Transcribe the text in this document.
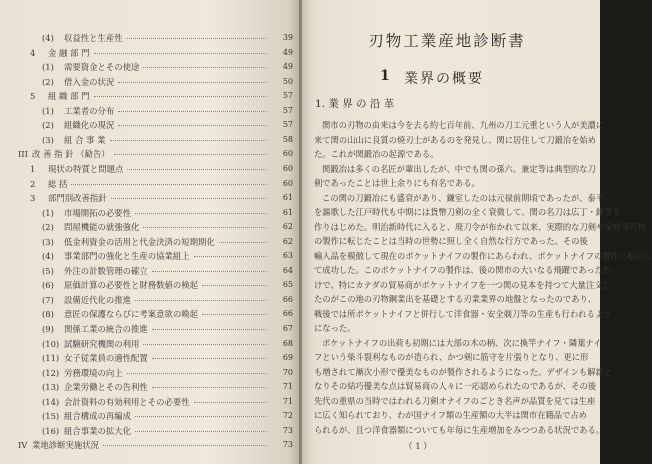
(4) 収益性と生産性	39
4 金 融 部 門	49
(1) 需要資金とその使途	49
(2) 借入金の状況	50
5 組 織 部 門	57
(1) 工業者の分布	57
(2) 組織化の現況	57
(3) 組 合 事 業	58
III 改 善 指 針 （勧告）	60
1 現状の特質と問題点	60
2 総 括	60
3 部門別改善指針	61
(1) 市場開拓の必要性	61
(2) 問屋機能の就強強化	62
(3) 低金利資金の活用と代金決済の短期期化	62
(4) 事業部門の強化と生産の協業組上	63
(5) 外注の計数管理の確立	64
(6) 原価計算の必要性と財務数値の検起	65
(7) 設備近代化の推進	66
(8) 意匠の保護ならびに考案意欲の喚起	66
(9) 関係工業の統合の推進	67
(10) 試験研究機関の利用	68
(11) 女子従業員の適性配置	69
(12) 労務環境の向上	70
(13) 企業労働とその告利性	71
(14) 会計資料の有効利用とその必要性	71
(15) 組合構成の再編成	72
(16) 組合事業の拡大化	73
IV 業地診断実施状況	73
刃物工業産地診断書
1 業界の概要
1. 業 界 の 沿 革
関市の刃物の由来は今を去る約七百年前、九州の刀工元重という人が美濃に
来て関の山山に良質の焼刃土があるのを発見し、関に居住して刀鍛冶を始め
た。これが関鍛冶の起源である。
関鍛冶は多くの名匠が輩出したが、中でも関の孫六、兼定等は典型的な刀
剣であったことは世上余りにも有名である。
この関の刀鍛冶にも盛衰があり、鎌室したのは元禄前期頃であったが、泰平
を謳歌した江戸時代も中期には貨幣刀剣の全く衰微して、関の名刀は広丁・鎌等を
作りはじめた。明治新時代に入ると、廃刀令が布かれて以来、実際的な刀剣や家庭用刃物
の製作に転じたことは当時の世勢に照し全く自然な行方であった。その後
輸入品を模倣して現在のポケットナイフの製作にあらわれ、ポケットナイフの製作に転向し
て成功した。このポケットナイフの製作は、後の関市の大いなる飛躍であったわ
けで、特にカナダの貿易商がポケットナイフを一つ関の見本を持つて大量注文し
たのがこの地の刃物鋼業出を基礎とする刃業業界の地盤となったのであり、
戦後では所ポケットナイフと併行して洋食器・安全剃刀等の生産も行われるよう
になった。
ポケットナイフの出荷も初期には大部の木の柄、次に換竿ナイフ・隣葉ナイ
フという柴斗裂利なものが造られ、かつ剣に筋守を片張りとなり、更に形
も増されて漸次小形で優美なものが製作されるようになった。デザインも解新と
なりその結巧優美な点は貿易商の人々に一応認められたのであるが、その後
先代の重県の当時ではわれる刀剣オナイフのごとき名声が品質を見ては生座
に広く知られており、わが国ナイフ類の生産額の大半は関市在籍品で占め
られるが、且つ洋食器類についても年毎に生産増加をみつつある状況である。
（ 1 ）
